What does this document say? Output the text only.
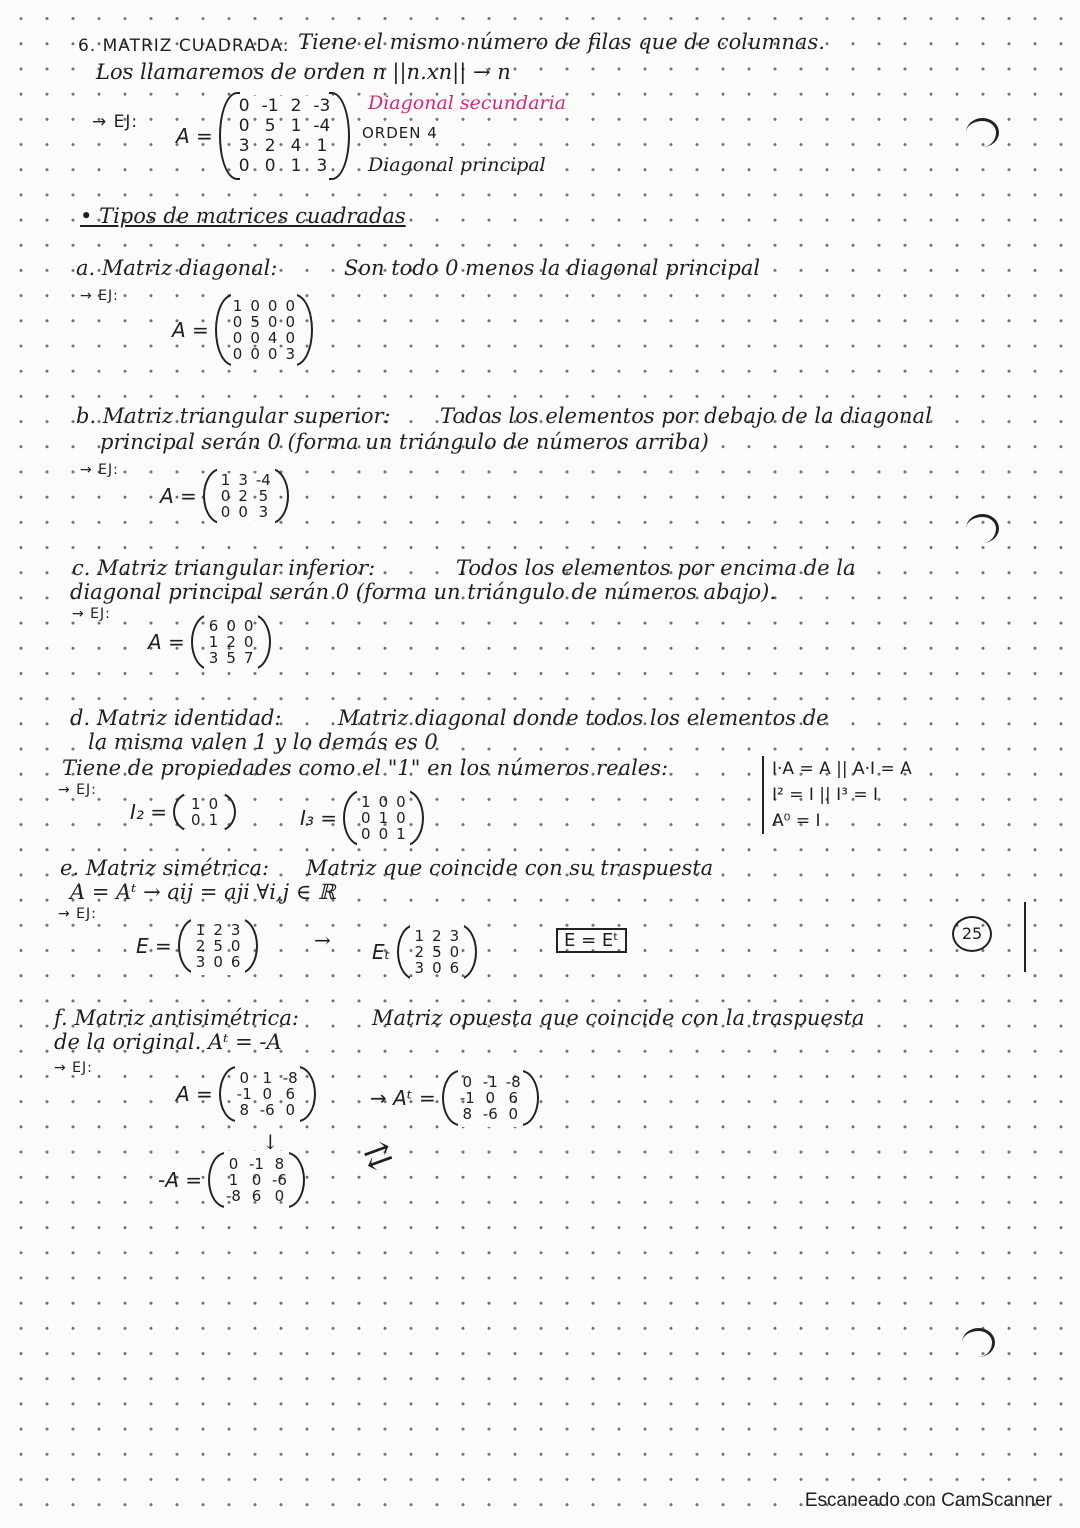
6. MATRIZ CUADRADA: Tiene el mismo número de filas que de columnas.
Los llamaremos de orden n ||n.xn|| → n
→ EJ:
A =
0	-1	2	-3
0	5	1	-4
3	2	4	1
0	0	1	3
Diagonal secundaria
ORDEN 4
Diagonal principal
• Tipos de matrices cuadradas
a. Matriz diagonal:	Son todo 0 menos la diagonal principal
→ EJ:
A =
1	0	0	0
0	5	0	0
0	0	4	0
0	0	0	3
b. Matriz triangular superior: Todos los elementos por debajo de la diagonal
principal serán 0 (forma un triángulo de números arriba)
→ EJ:
A =
1	3	-4
0	2	5
0	0	3
c. Matriz triangular inferior:	Todos los elementos por encima de la
diagonal principal serán 0 (forma un triángulo de números abajo).
→ EJ:
A =
6	0	0
1	2	0
3	5	7
d. Matriz identidad:	Matriz diagonal donde todos los elementos de
la misma valen 1 y lo demás es 0
Tiene de propiedades como el "1" en los números reales:
→ EJ:
I₂ = 1	0
0	1	I₃ =
1	0	0
0	1	0
0	0	1
I·A = A || A·I = A
I² = I || I³ = I
A⁰ = I
e. Matriz simétrica: Matriz que coincide con su traspuesta
A = Aᵗ → aij = aji ∀i,j ∈ ℝ
→ EJ:
E =
1	2	3
2	5	0
3	0	6
→ Eₜ
1	2	3
2	5	0
3	0	6
E = Eᵗ	25
f. Matriz antisimétrica:	Matriz opuesta que coincide con la traspuesta
de la original. Aᵗ = -A
→ EJ:
A =
0	1	-8
-1	0	6
8	-6	0	→ Aᵗ =
0	-1	-8
-1	0	6
8	-6	0
↓
-A =
0	-1	8
1	0	-6
-8	6	0
⇄
Escaneado con CamScanner
